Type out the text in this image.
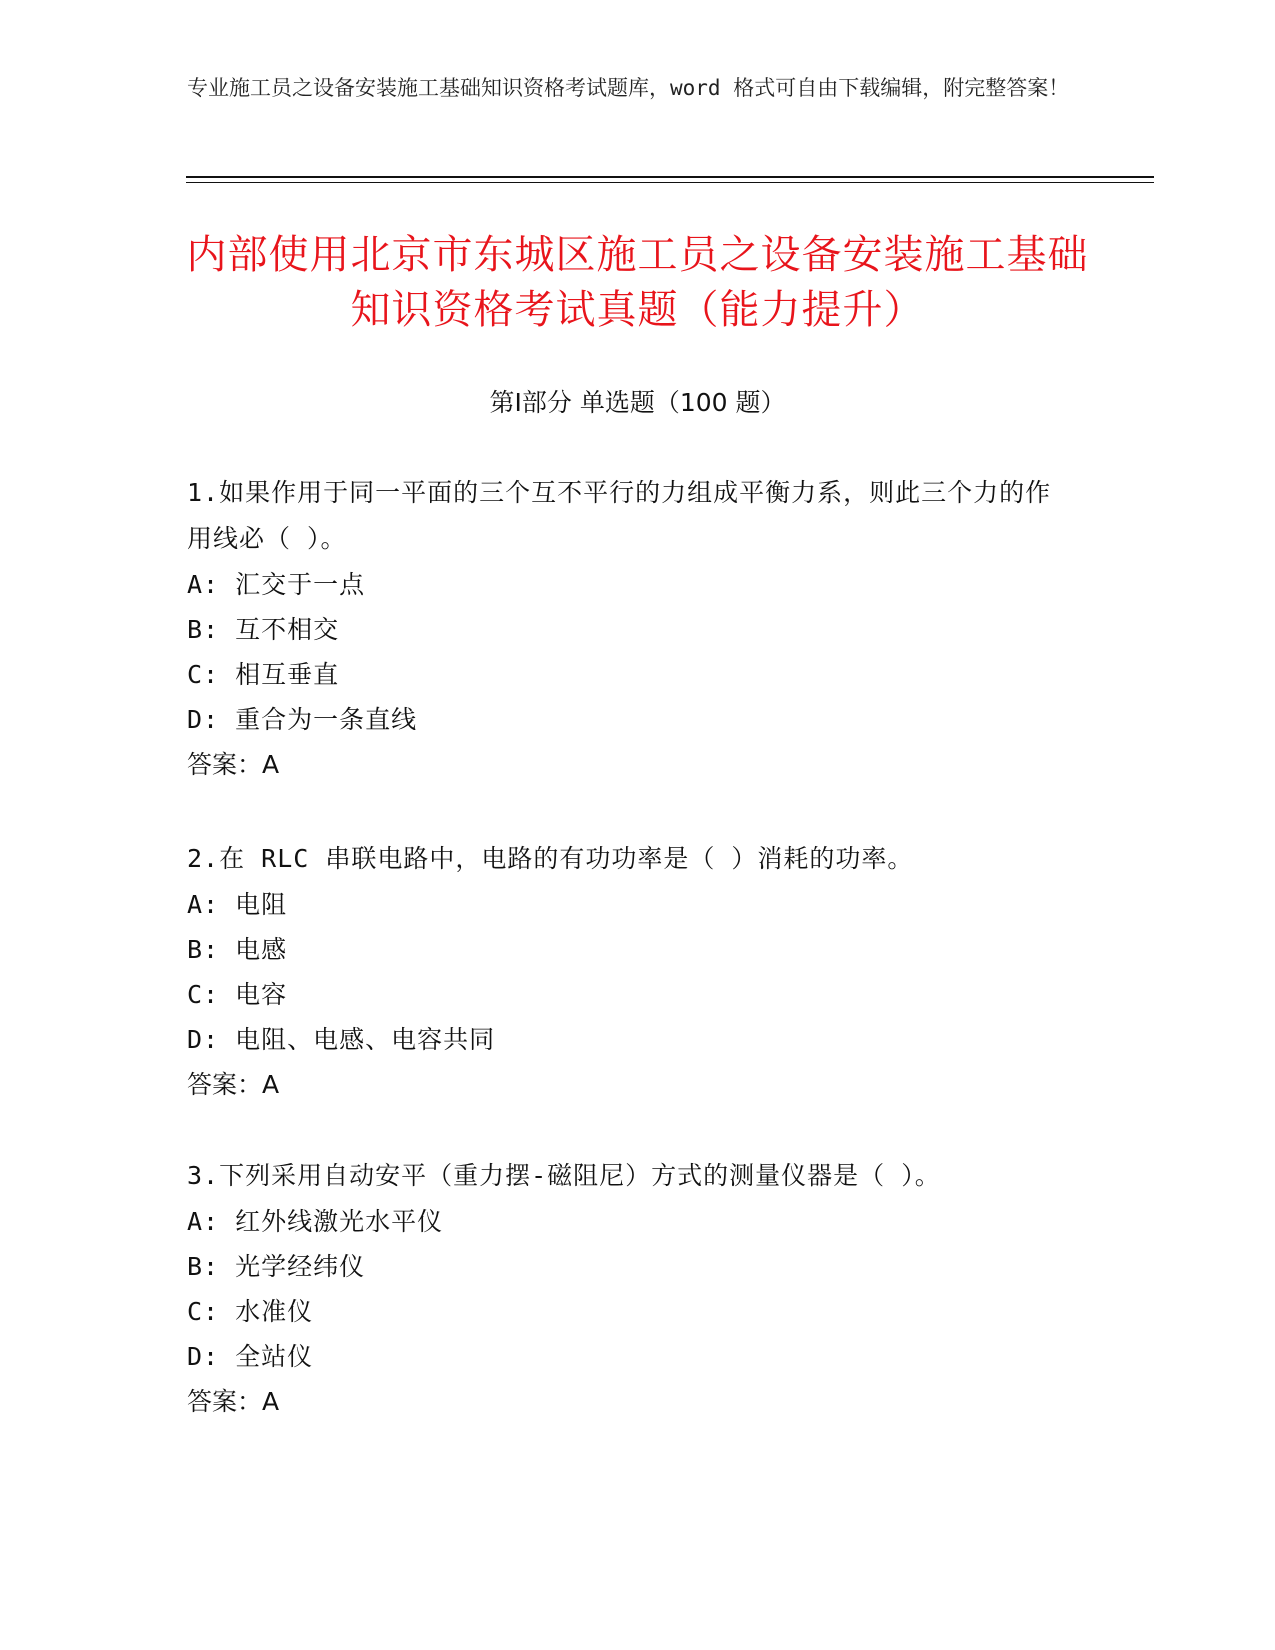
专业施工员之设备安装施工基础知识资格考试题库，word 格式可自由下载编辑，附完整答案！
内部使用北京市东城区施工员之设备安装施工基础知识资格考试真题（能力提升）
第Ⅰ部分 单选题（100 题）
1.如果作用于同一平面的三个互不平行的力组成平衡力系，则此三个力的作用线必（ ）。
A: 汇交于一点
B: 互不相交
C: 相互垂直
D: 重合为一条直线
答案：A
2.在 RLC 串联电路中，电路的有功功率是（ ）消耗的功率。
A: 电阻
B: 电感
C: 电容
D: 电阻、电感、电容共同
答案：A
3.下列采用自动安平（重力摆-磁阻尼）方式的测量仪器是（ ）。
A: 红外线激光水平仪
B: 光学经纬仪
C: 水准仪
D: 全站仪
答案：A
